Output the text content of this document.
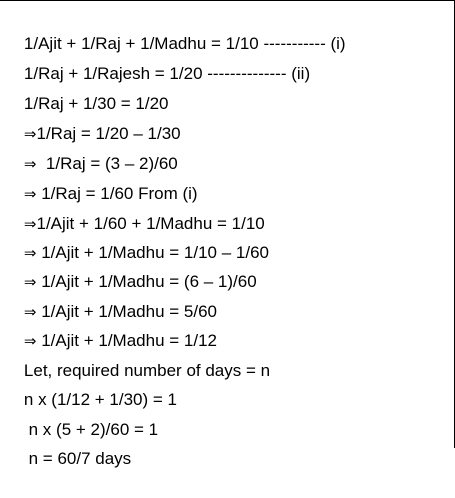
1/Ajit + 1/Raj + 1/Madhu = 1/10 ----------- (i)

1/Raj + 1/Rajesh = 1/20 -------------- (ii)

1/Raj + 1/30 = 1/20

⇒1/Raj = 1/20 – 1/30

⇒  1/Raj = (3 – 2)/60

⇒ 1/Raj = 1/60 From (i)

⇒1/Ajit + 1/60 + 1/Madhu = 1/10

⇒ 1/Ajit + 1/Madhu = 1/10 – 1/60

⇒ 1/Ajit + 1/Madhu = (6 – 1)/60

⇒ 1/Ajit + 1/Madhu = 5/60

⇒ 1/Ajit + 1/Madhu = 1/12

Let, required number of days = n

n x (1/12 + 1/30) = 1

n x (5 + 2)/60 = 1

n = 60/7 days
